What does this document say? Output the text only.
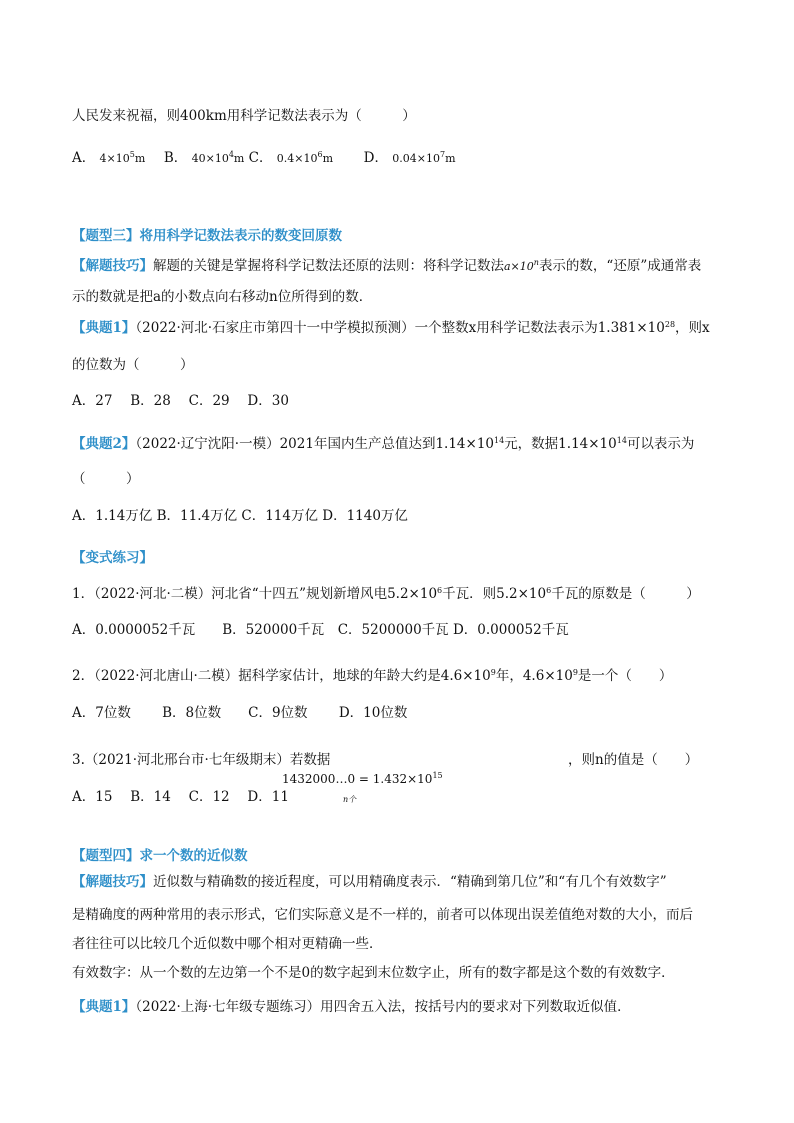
人民发来祝福，则400km用科学记数法表示为（　　　）
A． $4\times 10^5m$ B． $40\times 10^4m$ C． $0.4\times 10^6m$ D． $0.04\times 10^7m$
【题型三】将用科学记数法表示的数变回原数
【解题技巧】解题的关键是掌握将科学记数法还原的法则：将科学记数法$a\times 10^n$表示的数，“还原”成通常表
示的数就是把a的小数点向右移动n位所得到的数．
【典题1】（2022·河北·石家庄市第四十一中学模拟预测）一个整数x用科学记数法表示为$1.381\times 10^{28}$，则x
的位数为（　　　）
A．27　 B．28　 C．29　 D．30
【典题2】（2022·辽宁沈阳·一模）2021年国内生产总值达到$1.14\times 10^{14}$元，数据$1.14\times 10^{14}$可以表示为
（　　　）
A．1.14万亿 B．11.4万亿 C．114万亿 D．1140万亿
【变式练习】
1．（2022·河北·二模）河北省“十四五”规划新增风电$5.2\times 10^6$千瓦．则$5.2\times 10^6$千瓦的原数是（　　　）
A．0.0000052千瓦　　B．520000千瓦　C．5200000千瓦 D．0.000052千瓦
2．（2022·河北唐山·二模）据科学家估计，地球的年龄大约是$4.6\times 10^9$年，$4.6\times 10^9$是一个（　　）
A．7位数　　 B．8位数　　C．9位数　　 D．10位数
3.（2021·河北邢台市·七年级期末）若数据
1432000…0 = $1.432\times 10^{15}$
n个
，则n的值是（　　）
A．15　 B．14　 C．12　 D．11
【题型四】求一个数的近似数
【解题技巧】近似数与精确数的接近程度，可以用精确度表示．“精确到第几位”和“有几个有效数字”
是精确度的两种常用的表示形式，它们实际意义是不一样的，前者可以体现出误差值绝对数的大小，而后
者往往可以比较几个近似数中哪个相对更精确一些．
有效数字：从一个数的左边第一个不是0的数字起到末位数字止，所有的数字都是这个数的有效数字．
【典题1】（2022·上海·七年级专题练习）用四舍五入法，按括号内的要求对下列数取近似值．
